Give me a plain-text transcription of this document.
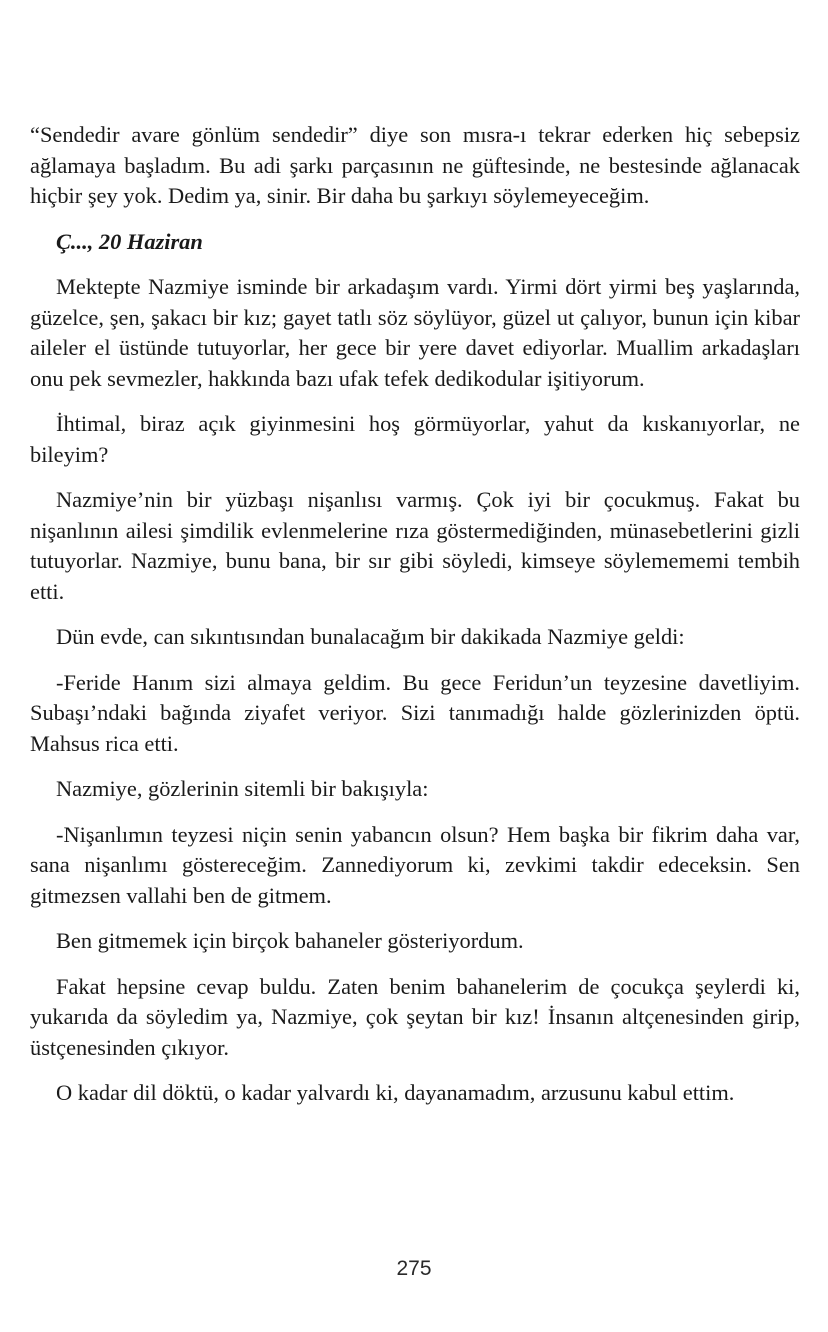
“Sendedir avare gönlüm sendedir” diye son mısra-ı tekrar ederken hiç sebepsiz ağlamaya başladım. Bu adi şarkı parçasının ne güftesinde, ne bestesinde ağlanacak hiçbir şey yok. Dedim ya, sinir. Bir daha bu şarkıyı söylemeyeceğim.

Ç..., 20 Haziran

Mektepte Nazmiye isminde bir arkadaşım vardı. Yirmi dört yirmi beş yaşlarında, güzelce, şen, şakacı bir kız; gayet tatlı söz söylüyor, güzel ut çalıyor, bunun için kibar aileler el üstünde tutuyorlar, her gece bir yere davet ediyorlar. Muallim arkadaşları onu pek sevmezler, hakkında bazı ufak tefek dedikodular işitiyorum.

İhtimal, biraz açık giyinmesini hoş görmüyorlar, yahut da kıskanıyorlar, ne bileyim?

Nazmiye’nin bir yüzbaşı nişanlısı varmış. Çok iyi bir çocukmuş. Fakat bu nişanlının ailesi şimdilik evlenmelerine rıza göstermediğinden, münasebetlerini gizli tutuyorlar. Nazmiye, bunu bana, bir sır gibi söyledi, kimseye söylemememi tembih etti.

Dün evde, can sıkıntısından bunalacağım bir dakikada Nazmiye geldi:

-Feride Hanım sizi almaya geldim. Bu gece Feridun’un teyzesine davetliyim. Subaşı’ndaki bağında ziyafet veriyor. Sizi tanımadığı halde gözlerinizden öptü. Mahsus rica etti.

Nazmiye, gözlerinin sitemli bir bakışıyla:

-Nişanlımın teyzesi niçin senin yabancın olsun? Hem başka bir fikrim daha var, sana nişanlımı göstereceğim. Zannediyorum ki, zevkimi takdir edeceksin. Sen gitmezsen vallahi ben de gitmem.

Ben gitmemek için birçok bahaneler gösteriyordum.

Fakat hepsine cevap buldu. Zaten benim bahanelerim de çocukça şeylerdi ki, yukarıda da söyledim ya, Nazmiye, çok şeytan bir kız! İnsanın altçenesinden girip, üstçenesinden çıkıyor.

O kadar dil döktü, o kadar yalvardı ki, dayanamadım, arzusunu kabul ettim.

275
